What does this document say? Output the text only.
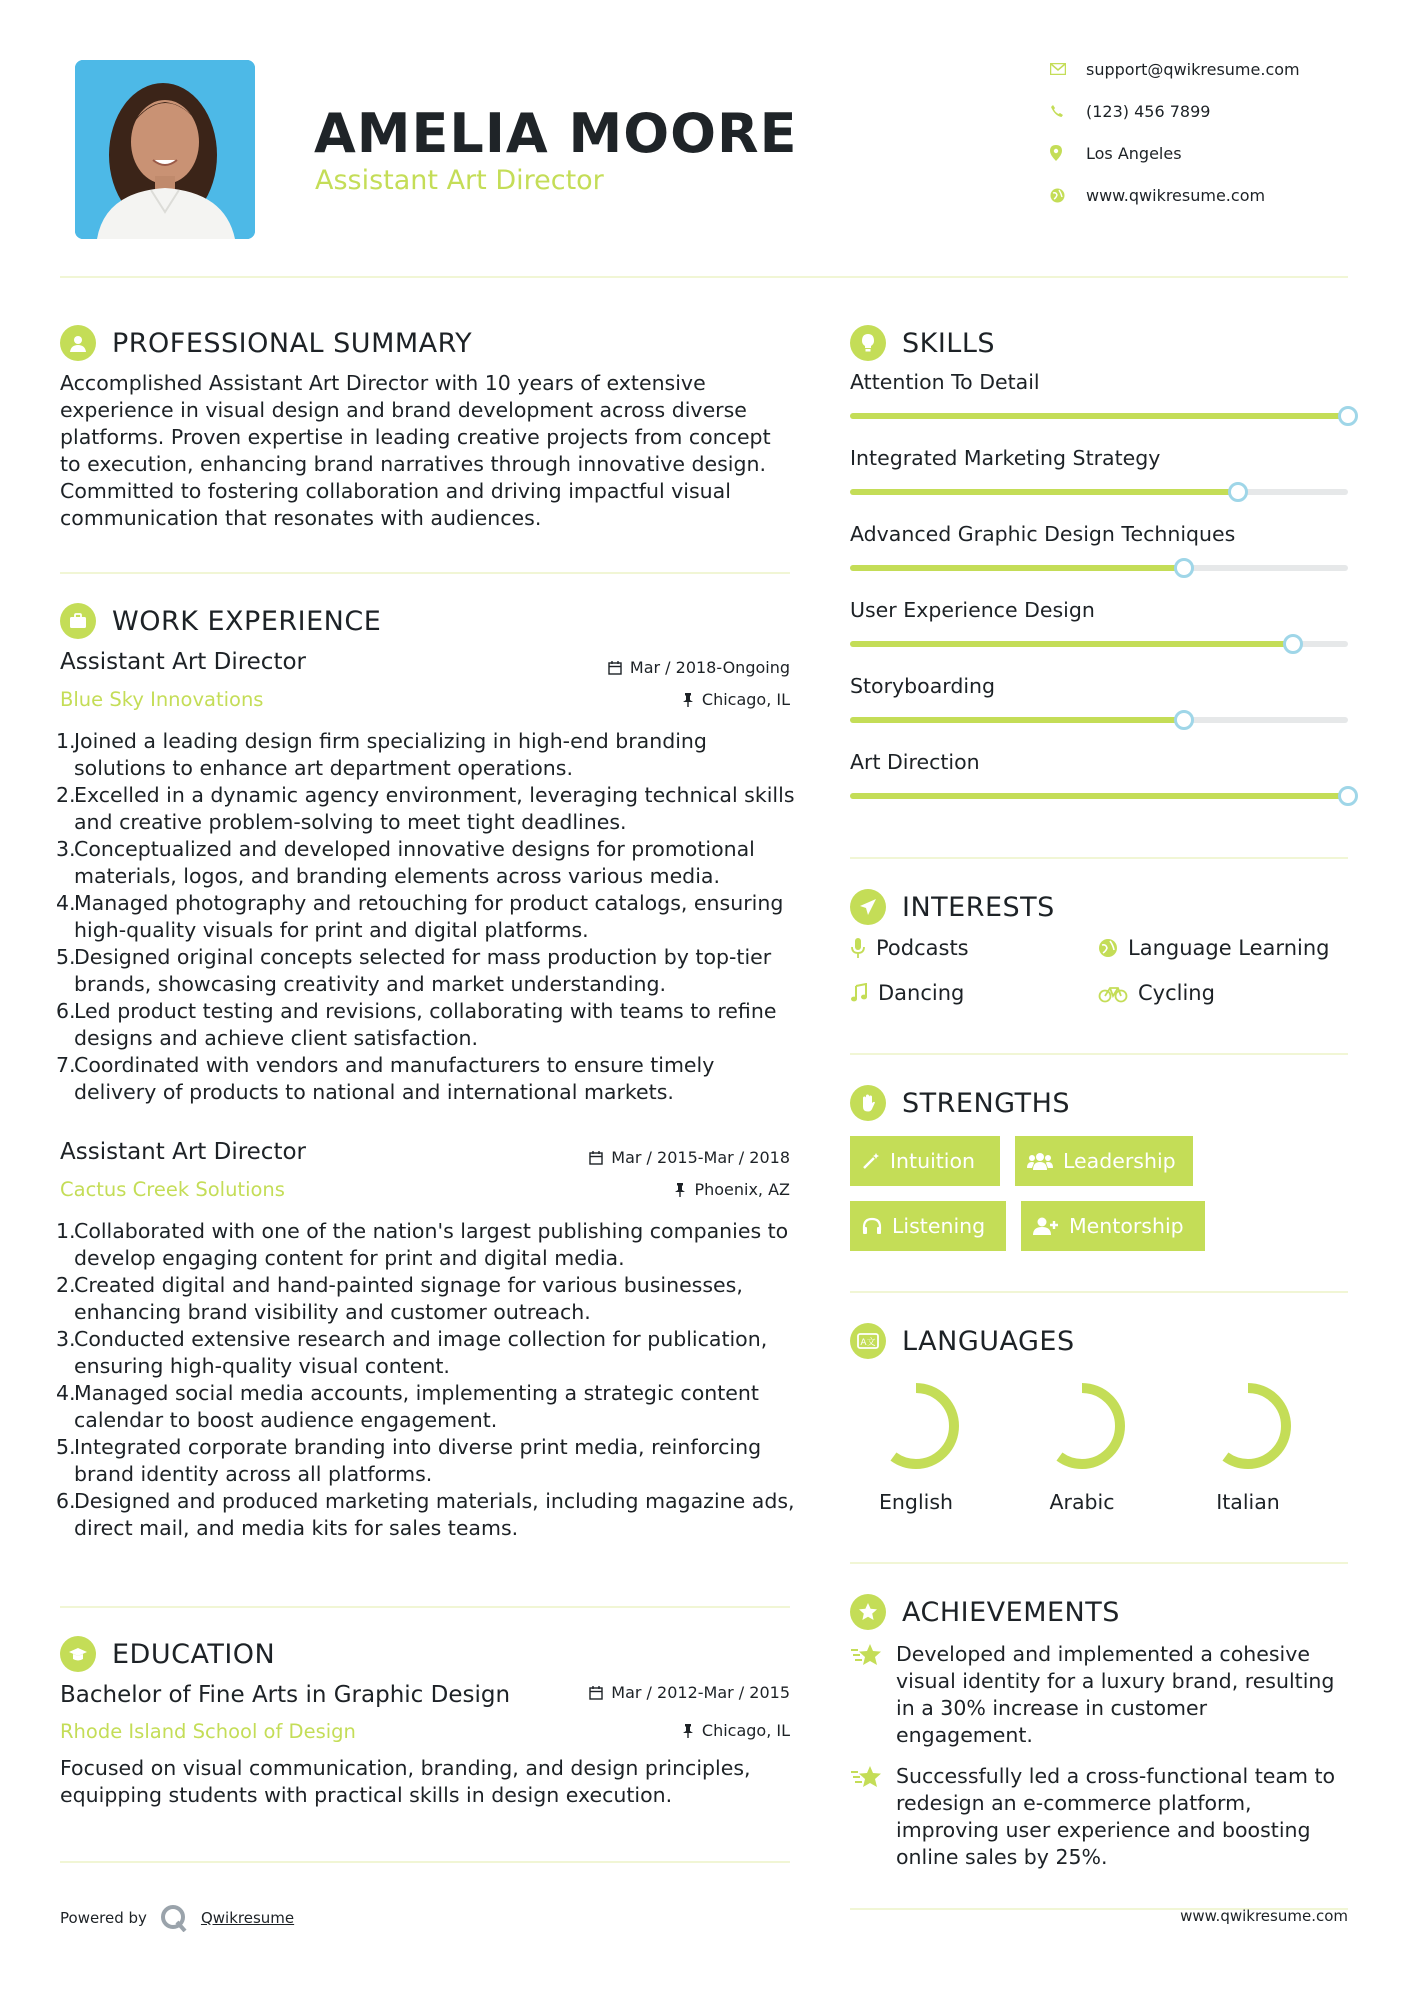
AMELIA MOORE
Assistant Art Director
support@qwikresume.com
(123) 456 7899
Los Angeles
www.qwikresume.com
PROFESSIONAL SUMMARY
Accomplished Assistant Art Director with 10 years of extensive experience in visual design and brand development across diverse platforms. Proven expertise in leading creative projects from concept to execution, enhancing brand narratives through innovative design. Committed to fostering collaboration and driving impactful visual communication that resonates with audiences.
WORK EXPERIENCE
Assistant Art Director	Mar / 2018-Ongoing
Blue Sky Innovations	Chicago, IL
1.
Joined a leading design firm specializing in high-end branding solutions to enhance art department operations.
2.
Excelled in a dynamic agency environment, leveraging technical skills and creative problem-solving to meet tight deadlines.
3.
Conceptualized and developed innovative designs for promotional materials, logos, and branding elements across various media.
4.
Managed photography and retouching for product catalogs, ensuring high-quality visuals for print and digital platforms.
5.
Designed original concepts selected for mass production by top-tier brands, showcasing creativity and market understanding.
6.
Led product testing and revisions, collaborating with teams to refine designs and achieve client satisfaction.
7.
Coordinated with vendors and manufacturers to ensure timely delivery of products to national and international markets.
Assistant Art Director	Mar / 2015-Mar / 2018
Cactus Creek Solutions	Phoenix, AZ
1.
Collaborated with one of the nation's largest publishing companies to develop engaging content for print and digital media.
2.
Created digital and hand-painted signage for various businesses, enhancing brand visibility and customer outreach.
3.
Conducted extensive research and image collection for publication, ensuring high-quality visual content.
4.
Managed social media accounts, implementing a strategic content calendar to boost audience engagement.
5.
Integrated corporate branding into diverse print media, reinforcing brand identity across all platforms.
6.
Designed and produced marketing materials, including magazine ads, direct mail, and media kits for sales teams.
EDUCATION
Bachelor of Fine Arts in Graphic Design	Mar / 2012-Mar / 2015
Rhode Island School of Design	Chicago, IL
Focused on visual communication, branding, and design principles, equipping students with practical skills in design execution.
Powered by	Qwikresume
SKILLS
Attention To Detail
Integrated Marketing Strategy
Advanced Graphic Design Techniques
User Experience Design
Storyboarding
Art Direction
INTERESTS
Podcasts	Language Learning
Dancing	Cycling
STRENGTHS
Intuition	Leadership
Listening	Mentorship
A文 LANGUAGES
English	Arabic	Italian
ACHIEVEMENTS
Developed and implemented a cohesive visual identity for a luxury brand, resulting in a 30% increase in customer engagement.
Successfully led a cross-functional team to redesign an e-commerce platform, improving user experience and boosting online sales by 25%.
www.qwikresume.com
